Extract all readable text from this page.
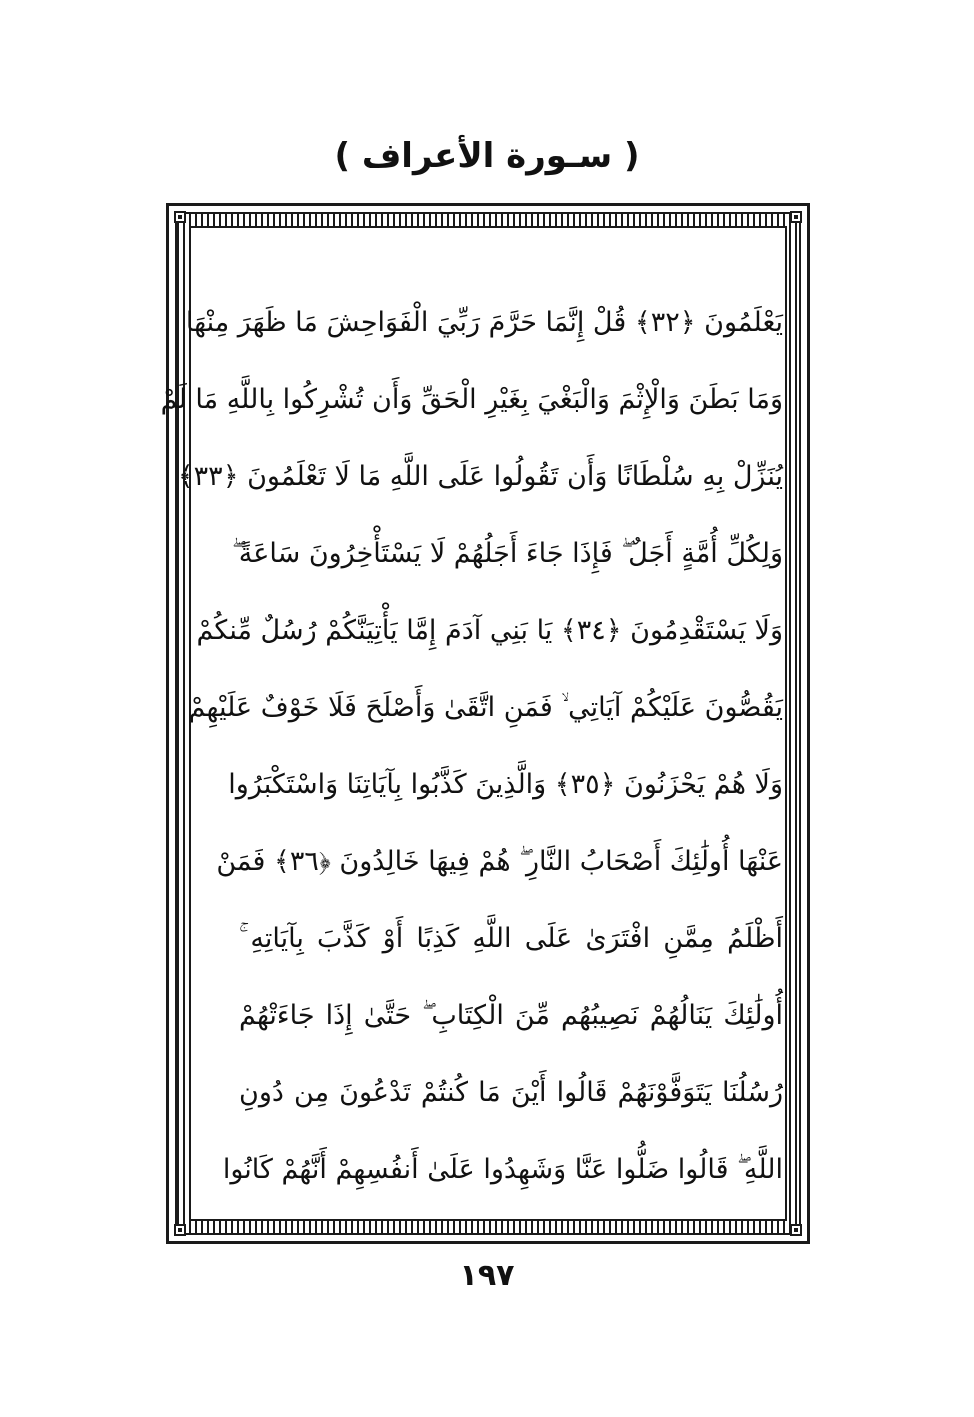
( سـورة الأعراف )
يَعْلَمُونَ ﴿٣٢﴾ قُلْ إِنَّمَا حَرَّمَ رَبِّيَ الْفَوَاحِشَ مَا ظَهَرَ مِنْهَا
وَمَا بَطَنَ وَالْإِثْمَ وَالْبَغْيَ بِغَيْرِ الْحَقِّ وَأَن تُشْرِكُوا بِاللَّهِ مَا لَمْ
يُنَزِّلْ بِهِ سُلْطَانًا وَأَن تَقُولُوا عَلَى اللَّهِ مَا لَا تَعْلَمُونَ ﴿٣٣﴾
وَلِكُلِّ أُمَّةٍ أَجَلٌ ۖ فَإِذَا جَاءَ أَجَلُهُمْ لَا يَسْتَأْخِرُونَ سَاعَةً ۖ
وَلَا يَسْتَقْدِمُونَ ﴿٣٤﴾ يَا بَنِي آدَمَ إِمَّا يَأْتِيَنَّكُمْ رُسُلٌ مِّنكُمْ
يَقُصُّونَ عَلَيْكُمْ آيَاتِي ۙ فَمَنِ اتَّقَىٰ وَأَصْلَحَ فَلَا خَوْفٌ عَلَيْهِمْ
وَلَا هُمْ يَحْزَنُونَ ﴿٣٥﴾ وَالَّذِينَ كَذَّبُوا بِآيَاتِنَا وَاسْتَكْبَرُوا
عَنْهَا أُولَٰئِكَ أَصْحَابُ النَّارِ ۖ هُمْ فِيهَا خَالِدُونَ ﴿٣٦﴾ فَمَنْ
أَظْلَمُ مِمَّنِ افْتَرَىٰ عَلَى اللَّهِ كَذِبًا أَوْ كَذَّبَ بِآيَاتِهِ ۚ
أُولَٰئِكَ يَنَالُهُمْ نَصِيبُهُم مِّنَ الْكِتَابِ ۖ حَتَّىٰ إِذَا جَاءَتْهُمْ
رُسُلُنَا يَتَوَفَّوْنَهُمْ قَالُوا أَيْنَ مَا كُنتُمْ تَدْعُونَ مِن دُونِ
اللَّهِ ۖ قَالُوا ضَلُّوا عَنَّا وَشَهِدُوا عَلَىٰ أَنفُسِهِمْ أَنَّهُمْ كَانُوا
١٩٧
